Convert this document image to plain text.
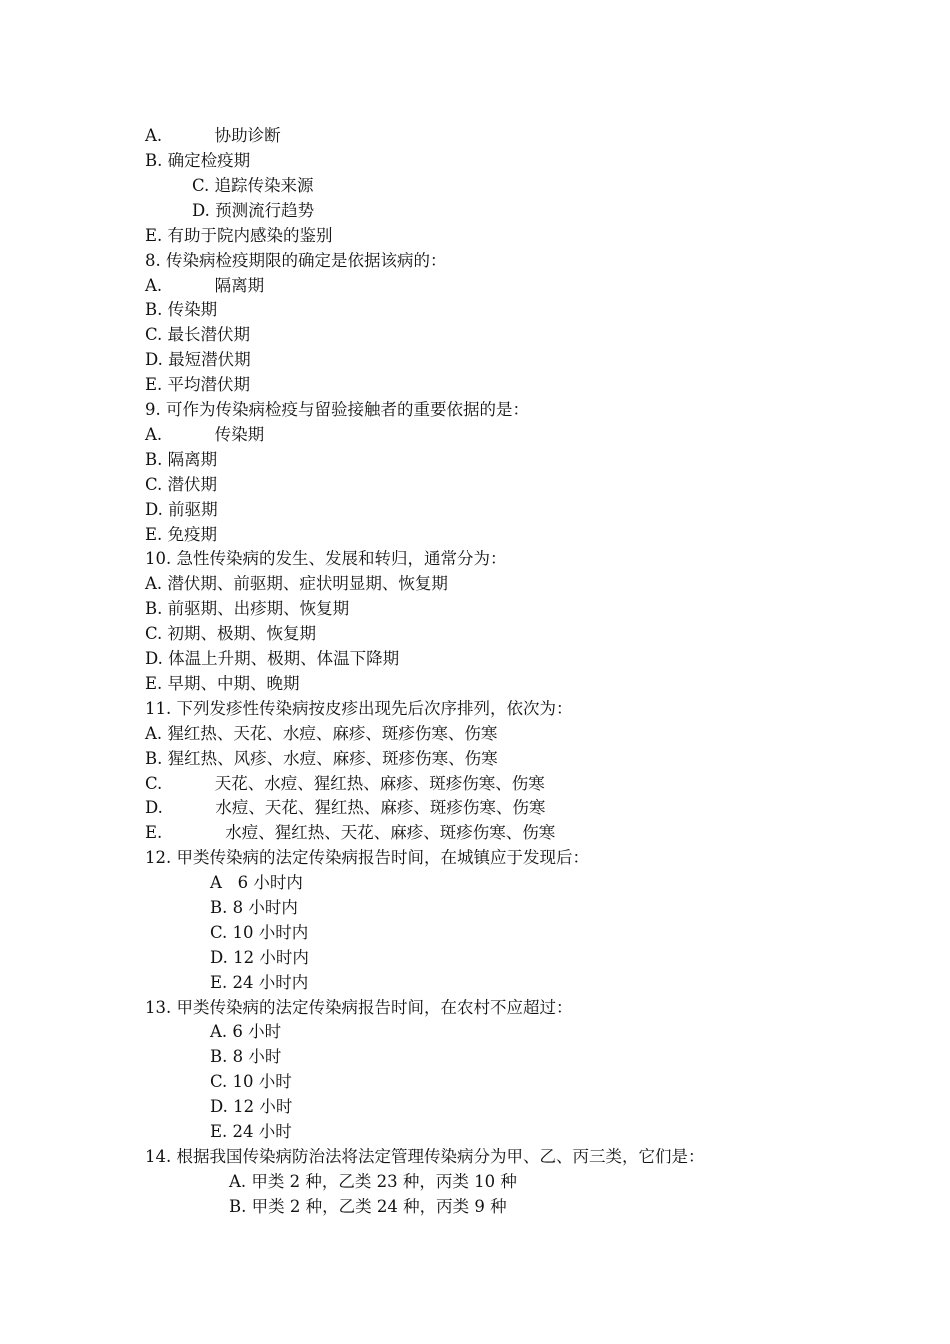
A.          协助诊断
B. 确定检疫期
C. 追踪传染来源
D. 预测流行趋势
E. 有助于院内感染的鉴别
8. 传染病检疫期限的确定是依据该病的：
A.          隔离期
B. 传染期
C. 最长潜伏期
D. 最短潜伏期
E. 平均潜伏期
9. 可作为传染病检疫与留验接触者的重要依据的是：
A.          传染期
B. 隔离期
C. 潜伏期
D. 前驱期
E. 免疫期
10. 急性传染病的发生、发展和转归，通常分为：
A. 潜伏期、前驱期、症状明显期、恢复期
B. 前驱期、出疹期、恢复期
C. 初期、极期、恢复期
D. 体温上升期、极期、体温下降期
E. 早期、中期、晚期
11. 下列发疹性传染病按皮疹出现先后次序排列，依次为：
A. 猩红热、天花、水痘、麻疹、斑疹伤寒、伤寒
B. 猩红热、风疹、水痘、麻疹、斑疹伤寒、伤寒
C.          天花、水痘、猩红热、麻疹、斑疹伤寒、伤寒
D.          水痘、天花、猩红热、麻疹、斑疹伤寒、伤寒
E.            水痘、猩红热、天花、麻疹、斑疹伤寒、伤寒
12. 甲类传染病的法定传染病报告时间，在城镇应于发现后：
A   6 小时内
B. 8 小时内
C. 10 小时内
D. 12 小时内
E. 24 小时内
13. 甲类传染病的法定传染病报告时间，在农村不应超过：
A. 6 小时
B. 8 小时
C. 10 小时
D. 12 小时
E. 24 小时
14. 根据我国传染病防治法将法定管理传染病分为甲、乙、丙三类，它们是：
A. 甲类 2 种，乙类 23 种，丙类 10 种
B. 甲类 2 种，乙类 24 种，丙类 9 种
